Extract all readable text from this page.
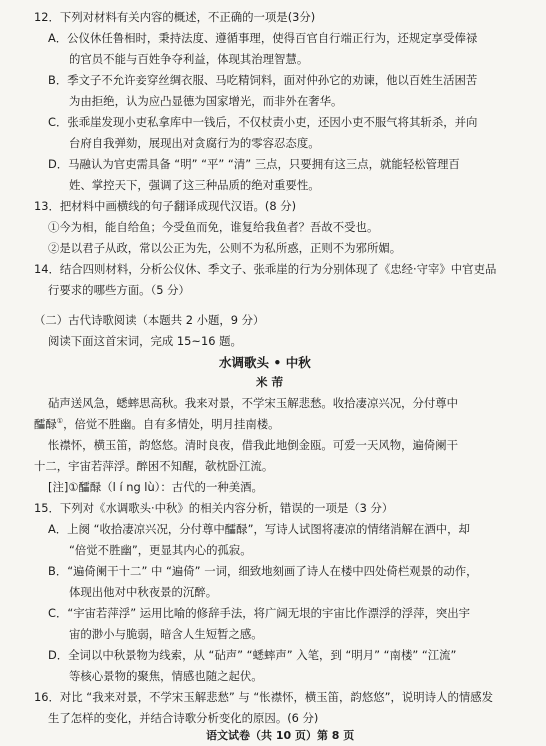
12．下列对材料有关内容的概述，不正确的一项是(3分)
A．公仪休任鲁相时，秉持法度、遵循事理，使得百官自行端正行为，还规定享受俸禄
的官员不能与百姓争夺利益，体现其治理智慧。
B．季文子不允许妾穿丝绸衣服、马吃精饲料，面对仲孙它的劝谏，他以百姓生活困苦
为由拒绝，认为应凸显德为国家增光，而非外在奢华。
C．张乖崖发现小吏私拿库中一钱后，不仅杖责小吏，还因小吏不服气将其斩杀，并向
台府自我弹劾，展现出对贪腐行为的零容忍态度。
D．马融认为官吏需具备 “明” “平” “清” 三点，只要拥有这三点，就能轻松管理百
姓、掌控天下，强调了这三种品质的绝对重要性。
13．把材料中画横线的句子翻译成现代汉语。(8 分)
①今为相，能自给鱼；今受鱼而免，谁复给我鱼者？吾故不受也。
②是以君子从政，常以公正为先，公则不为私所惑，正则不为邪所媚。
14．结合四则材料，分析公仪休、季文子、张乖崖的行为分别体现了《忠经·守宰》中官吏品
行要求的哪些方面。（5 分）
（二）古代诗歌阅读（本题共 2 小题，9 分）
阅读下面这首宋词，完成 15~16 题。
水调歌头 • 中秋
米 芾
砧声送风急，蟋蟀思高秋。我来对景，不学宋玉解悲愁。收拾凄凉兴况，分付尊中
醽醁①，倍觉不胜幽。自有多情处，明月挂南楼。
怅襟怀，横玉笛，韵悠悠。清时良夜，借我此地倒金瓯。可爱一天风物，遍倚阑干
十二，宇宙若萍浮。醉困不知醒，欹枕卧江流。
[注]①醽醁（l í ng lù）：古代的一种美酒。
15．下列对《水调歌头·中秋》的相关内容分析，错误的一项是（3 分）
A．上阕 “收拾凄凉兴况，分付尊中醽醁”，写诗人试图将凄凉的情绪消解在酒中，却
“倍觉不胜幽”，更显其内心的孤寂。
B．“遍倚阑干十二” 中 “遍倚” 一词，细致地刻画了诗人在楼中四处倚栏观景的动作，
体现出他对中秋夜景的沉醉。
C．“宇宙若萍浮” 运用比喻的修辞手法，将广阔无垠的宇宙比作漂浮的浮萍，突出宇
宙的渺小与脆弱，暗含人生短暂之感。
D．全词以中秋景物为线索，从 “砧声” “蟋蟀声” 入笔，到 “明月” “南楼” “江流”
等核心景物的聚焦，情感也随之起伏。
16．对比 “我来对景，不学宋玉解悲愁” 与 “怅襟怀，横玉笛，韵悠悠”，说明诗人的情感发
生了怎样的变化，并结合诗歌分析变化的原因。(6 分)
语文试卷（共 10 页）第 8 页
